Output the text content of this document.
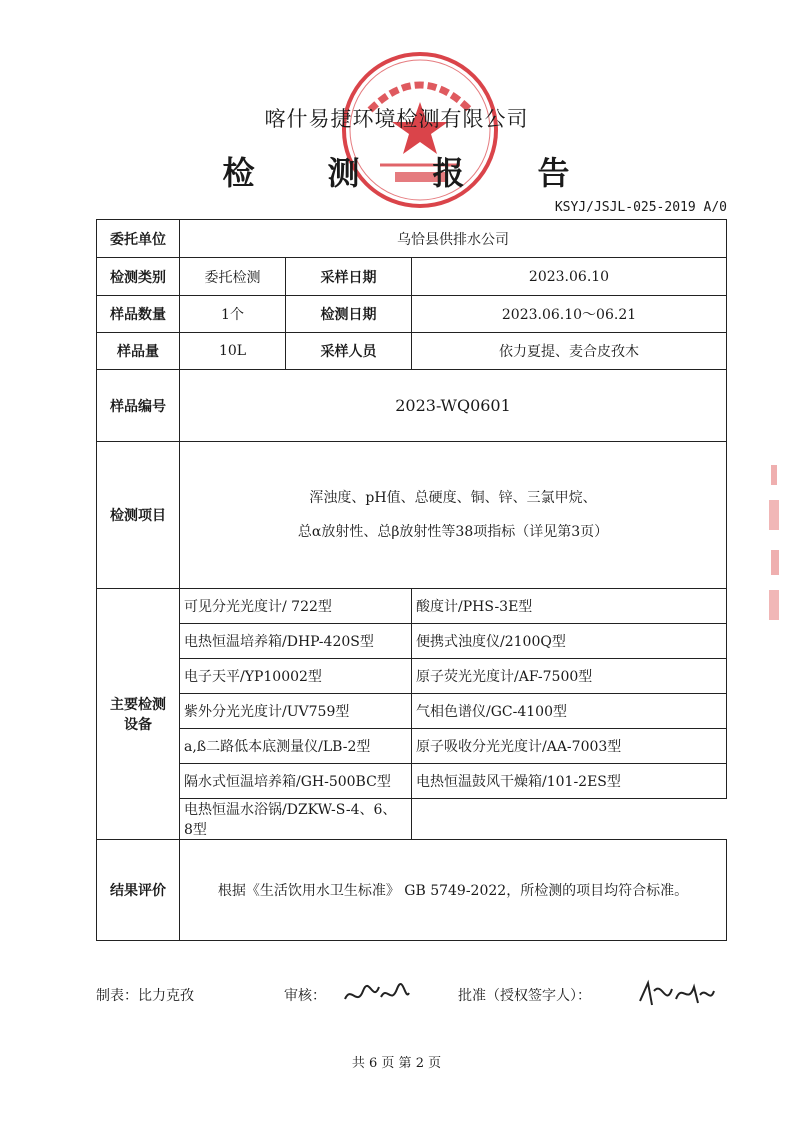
喀什易捷环境检测有限公司
检 测 报 告
KSYJ/JSJL-025-2019 A/0
委托单位	乌恰县供排水公司		
检测类别	委托检测	采样日期	2023.06.10
样品数量	1个	检测日期	2023.06.10～06.21
样品量	10L	采样人员	依力夏提、麦合皮孜木
样品编号	2023-WQ0601		
检测项目	浑浊度、pH值、总硬度、铜、锌、三氯甲烷、
总α放射性、总β放射性等38项指标（详见第3页）		

主要检测
设备	可见分光光度计/ 722型		酸度计/PHS-3E型
	电热恒温培养箱/DHP-420S型		便携式浊度仪/2100Q型
	电子天平/YP10002型		原子荧光光度计/AF-7500型
	紫外分光光度计/UV759型		气相色谱仪/GC-4100型
	a,ß二路低本底测量仪/LB-2型		原子吸收分光光度计/AA-7003型
	隔水式恒温培养箱/GH-500BC型		电热恒温鼓风干燥箱/101-2ES型
	电热恒温水浴锅/DZKW-S-4、6、8型		
结果评价	根据《生活饮用水卫生标准》 GB 5749-2022，所检测的项目均符合标准。		
制表：比力克孜	审核：	批准（授权签字人）：
共 6 页 第 2 页
